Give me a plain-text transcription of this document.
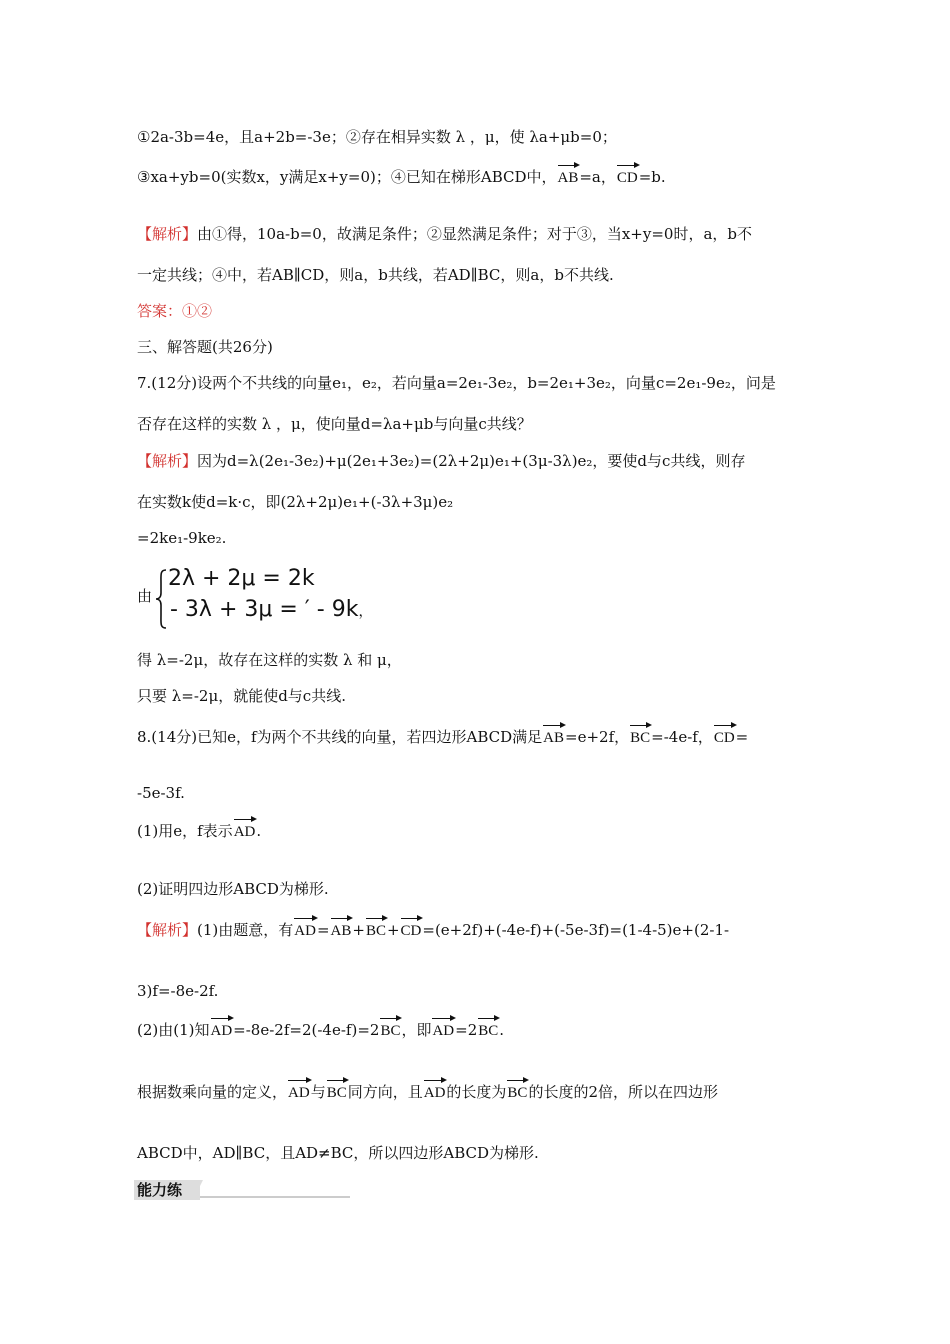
①2a-3b=4e，且a+2b=-3e；②存在相异实数 λ ，μ，使 λa+μb=0；
③xa+yb=0(实数x，y满足x+y=0)；④已知在梯形ABCD中，AB=a，CD=b.
【解析】由①得，10a-b=0，故满足条件；②显然满足条件；对于③，当x+y=0时，a，b不
一定共线；④中，若AB∥CD，则a，b共线，若AD∥BC，则a，b不共线.
答案：①②
三、解答题(共26分)
7.(12分)设两个不共线的向量e₁，e₂，若向量a=2e₁-3e₂，b=2e₁+3e₂，向量c=2e₁-9e₂，问是
否存在这样的实数 λ ，μ，使向量d=λa+μb与向量c共线？
【解析】因为d=λ(2e₁-3e₂)+μ(2e₁+3e₂)=(2λ+2μ)e₁+(3μ-3λ)e₂，要使d与c共线，则存
在实数k使d=k·c，即(2λ+2μ)e₁+(-3λ+3μ)e₂
=2ke₁-9ke₂.
由
2λ + 2μ = 2k
- 3λ + 3μ = ′ - 9k，
得 λ=-2μ，故存在这样的实数 λ 和 μ，
只要 λ=-2μ，就能使d与c共线.
8.(14分)已知e，f为两个不共线的向量，若四边形ABCD满足AB=e+2f，BC=-4e-f，CD=
-5e-3f.
(1)用e，f表示AD.
(2)证明四边形ABCD为梯形.
【解析】(1)由题意，有AD=AB+BC+CD=(e+2f)+(-4e-f)+(-5e-3f)=(1-4-5)e+(2-1-
3)f=-8e-2f.
(2)由(1)知AD=-8e-2f=2(-4e-f)=2BC，即AD=2BC.
根据数乘向量的定义，AD与BC同方向，且AD的长度为BC的长度的2倍，所以在四边形
ABCD中，AD∥BC，且AD≠BC，所以四边形ABCD为梯形.
能力练
